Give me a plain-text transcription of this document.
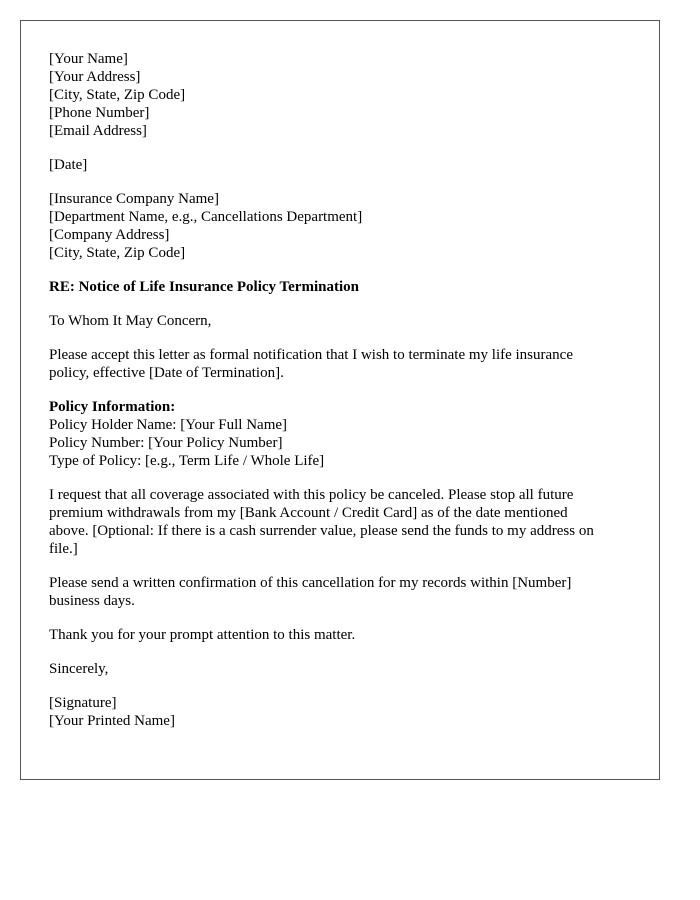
[Your Name]
[Your Address]
[City, State, Zip Code]
[Phone Number]
[Email Address]
[Date]
[Insurance Company Name]
[Department Name, e.g., Cancellations Department]
[Company Address]
[City, State, Zip Code]
RE: Notice of Life Insurance Policy Termination
To Whom It May Concern,
Please accept this letter as formal notification that I wish to terminate my life insurance
policy, effective [Date of Termination].
Policy Information:
Policy Holder Name: [Your Full Name]
Policy Number: [Your Policy Number]
Type of Policy: [e.g., Term Life / Whole Life]
I request that all coverage associated with this policy be canceled. Please stop all future
premium withdrawals from my [Bank Account / Credit Card] as of the date mentioned
above. [Optional: If there is a cash surrender value, please send the funds to my address on
file.]
Please send a written confirmation of this cancellation for my records within [Number]
business days.
Thank you for your prompt attention to this matter.
Sincerely,
[Signature]
[Your Printed Name]
